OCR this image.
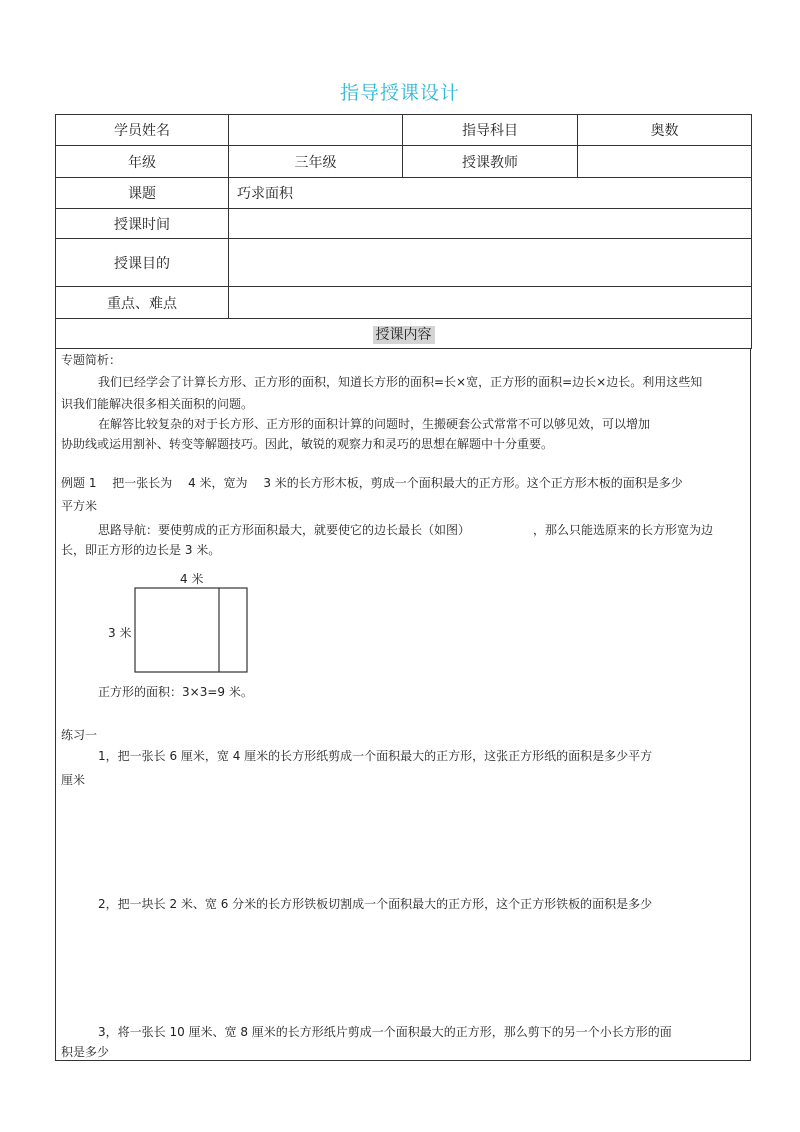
指导授课设计
学员姓名		指导科目	奥数
年级	三年级	授课教师	
课题	巧求面积		
授课时间			
授课目的			
重点、难点			
授课内容			
专题简析：
我们已经学会了计算长方形、正方形的面积，知道长方形的面积=长×宽，正方形的面积=边长×边长。利用这些知
识我们能解决很多相关面积的问题。
在解答比较复杂的对于长方形、正方形的面积计算的问题时，生搬硬套公式常常不可以够见效，可以增加
协助线或运用割补、转变等解题技巧。因此，敏锐的观察力和灵巧的思想在解题中十分重要。
例题 1　 把一张长为　 4 米，宽为　 3 米的长方形木板，剪成一个面积最大的正方形。这个正方形木板的面积是多少
平方米
思路导航：要使剪成的正方形面积最大，就要使它的边长最长（如图）	，那么只能选原来的长方形宽为边
长，即正方形的边长是 3 米。
4 米
3 米
正方形的面积：3×3=9 米。
练习一
1，把一张长 6 厘米，宽 4 厘米的长方形纸剪成一个面积最大的正方形，这张正方形纸的面积是多少平方
厘米
2，把一块长 2 米、宽 6 分米的长方形铁板切割成一个面积最大的正方形，这个正方形铁板的面积是多少
3，将一张长 10 厘米、宽 8 厘米的长方形纸片剪成一个面积最大的正方形，那么剪下的另一个小长方形的面
积是多少
